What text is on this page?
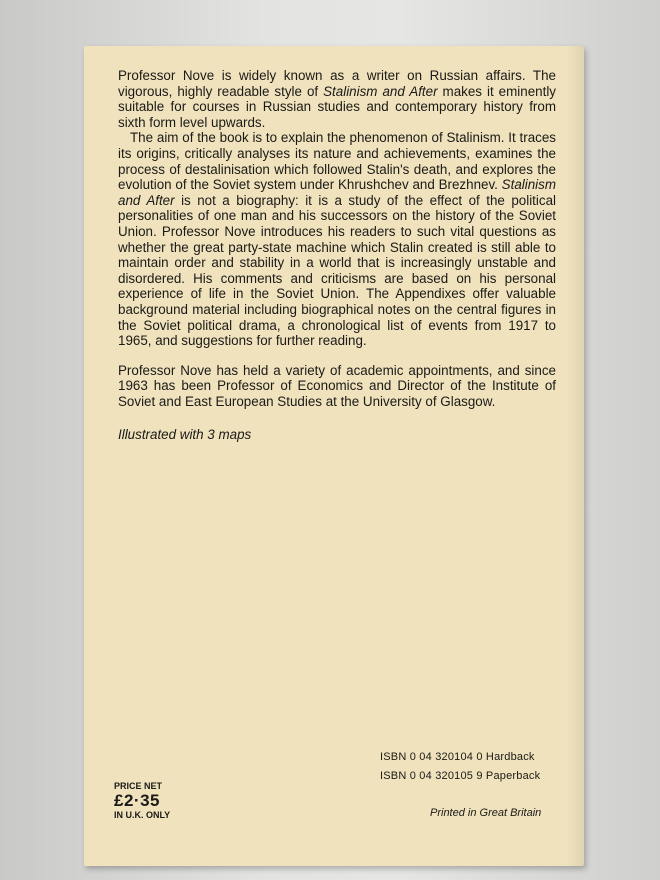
Professor Nove is widely known as a writer on Russian affairs. The vigorous, highly readable style of Stalinism and After makes it eminently suitable for courses in Russian studies and contemporary history from sixth form level upwards.

The aim of the book is to explain the phenomenon of Stalinism. It traces its origins, critically analyses its nature and achievements, examines the process of destalinisation which followed Stalin's death, and explores the evolution of the Soviet system under Khrushchev and Brezhnev. Stalinism and After is not a biography: it is a study of the effect of the political personalities of one man and his successors on the history of the Soviet Union. Professor Nove introduces his readers to such vital questions as whether the great party-state machine which Stalin created is still able to maintain order and stability in a world that is increasingly unstable and disordered. His comments and criticisms are based on his personal experience of life in the Soviet Union. The Appendixes offer valuable background material including biographical notes on the central figures in the Soviet political drama, a chronological list of events from 1917 to 1965, and suggestions for further reading.

Professor Nove has held a variety of academic appointments, and since 1963 has been Professor of Economics and Director of the Institute of Soviet and East European Studies at the University of Glasgow.

Illustrated with 3 maps

ISBN 0 04 320104 0 Hardback
ISBN 0 04 320105 9 Paperback
PRICE NET
£2·35
IN U.K. ONLY	Printed in Great Britain
